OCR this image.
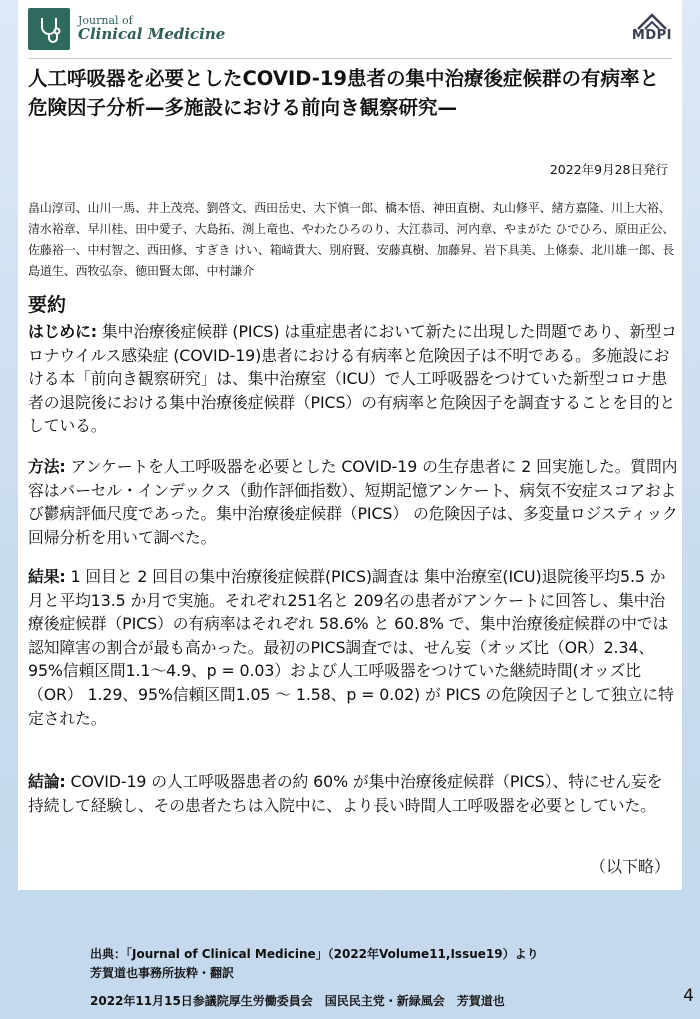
Journal of
Clinical Medicine	MDPI
人工呼吸器を必要としたCOVID-19患者の集中治療後症候群の有病率と危険因子分析—多施設における前向き観察研究—
2022年9月28日発行
畠山淳司、山川一馬、井上茂亮、劉啓文、西田岳史、大下慎一郎、橋本悟、神田直樹、丸山修平、緒方嘉隆、川上大裕、清水裕章、早川桂、田中愛子、大島拓、渕上竜也、やわたひろのり、大江恭司、河内章、やまがた ひでひろ、原田正公、佐藤裕一、中村智之、西田修、すぎき けい、箱﨑貴大、別府賢、安藤真樹、加藤昇、岩下具美、上條泰、北川雄一郎、長島道生、西牧弘奈、徳田賢太郎、中村謙介
要約
はじめに: 集中治療後症候群 (PICS) は重症患者において新たに出現した問題であり、新型コロナウイルス感染症 (COVID-19)患者における有病率と危険因子は不明である。多施設における本「前向き観察研究」は、集中治療室（ICU）で人工呼吸器をつけていた新型コロナ患者の退院後における集中治療後症候群（PICS）の有病率と危険因子を調査することを目的としている。
方法: アンケートを人工呼吸器を必要とした COVID-19 の生存患者に 2 回実施した。質問内容はバーセル・インデックス（動作評価指数）、短期記憶アンケート、病気不安症スコアおよび鬱病評価尺度であった。集中治療後症候群（PICS） の危険因子は、多変量ロジスティック回帰分析を用いて調べた。
結果: 1 回目と 2 回目の集中治療後症候群(PICS)調査は 集中治療室(ICU)退院後平均5.5 か月と平均13.5 か月で実施。それぞれ251名と 209名の患者がアンケートに回答し、集中治療後症候群（PICS）の有病率はそれぞれ 58.6% と 60.8% で、集中治療後症候群の中では認知障害の割合が最も高かった。最初のPICS調査では、せん妄（オッズ比（OR）2.34、95%信頼区間1.1～4.9、p = 0.03）および人工呼吸器をつけていた継続時間(オッズ比（OR） 1.29、95%信頼区間1.05 ～ 1.58、p = 0.02) が PICS の危険因子として独立に特定された。
結論: COVID-19 の人工呼吸器患者の約 60% が集中治療後症候群（PICS）、特にせん妄を持続して経験し、その患者たちは入院中に、より長い時間人工呼吸器を必要としていた。
（以下略）
出典：「Journal of Clinical Medicine」（2022年Volume11,Issue19）より
芳賀道也事務所抜粋・翻訳
2022年11月15日参議院厚生労働委員会　国民民主党・新緑風会　芳賀道也	4
